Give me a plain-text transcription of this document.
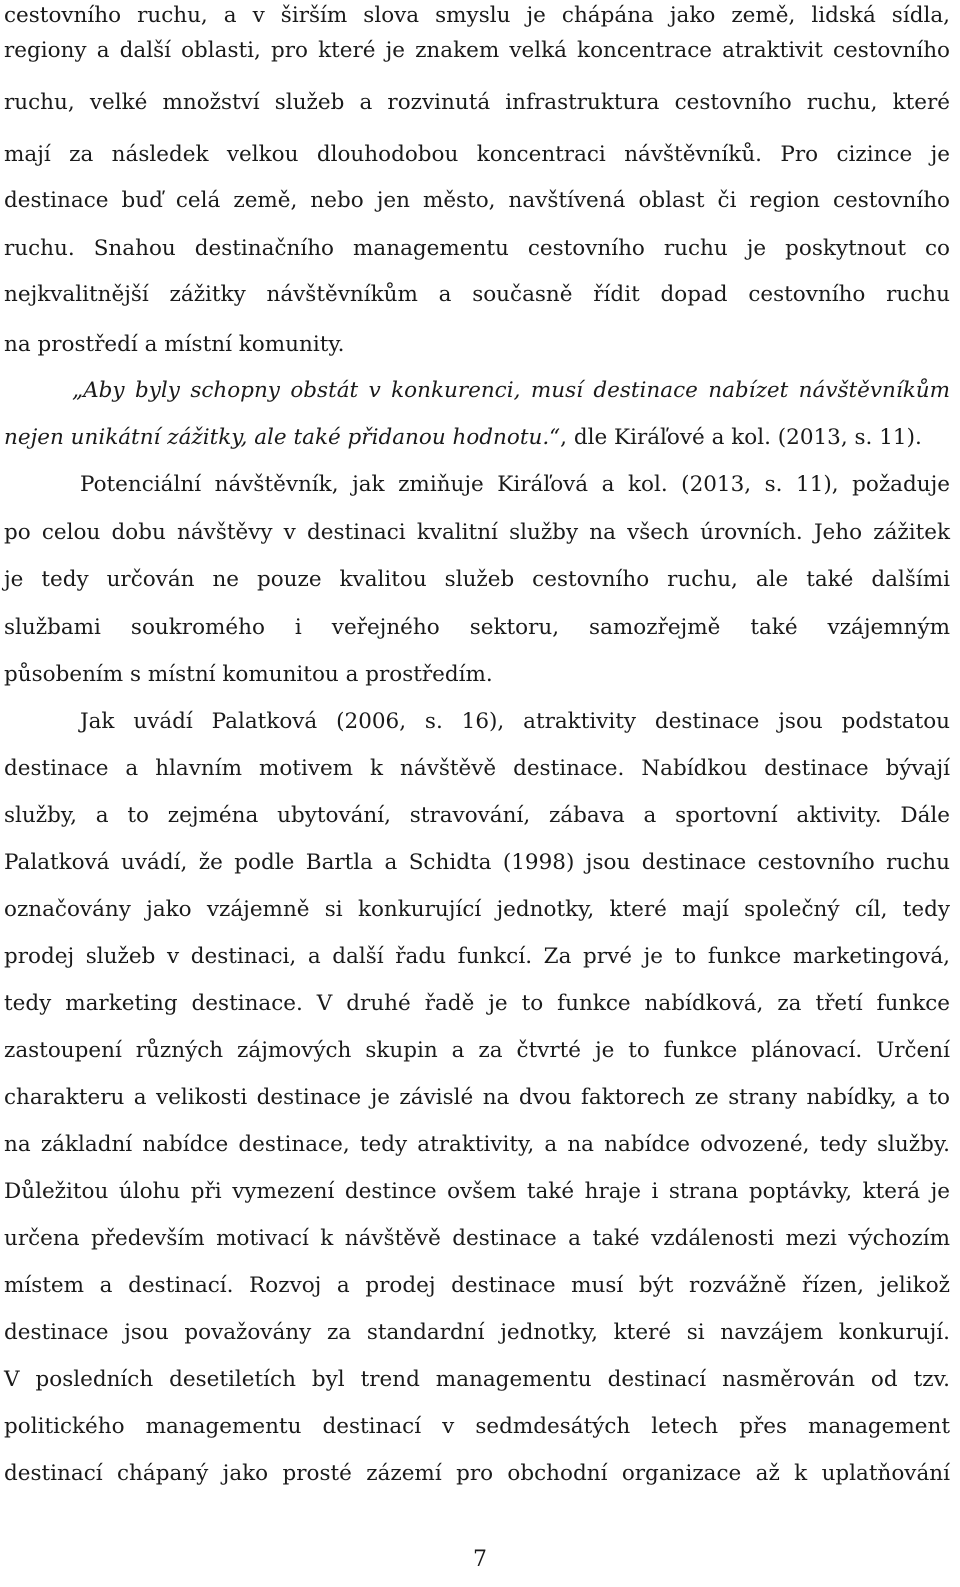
cestovního ruchu, a v širším slova smyslu je chápána jako země, lidská sídla,
regiony a další oblasti, pro které je znakem velká koncentrace atraktivit cestovního
ruchu, velké množství služeb a rozvinutá infrastruktura cestovního ruchu, které
mají za následek velkou dlouhodobou koncentraci návštěvníků. Pro cizince je
destinace buď celá země, nebo jen město, navštívená oblast či region cestovního
ruchu. Snahou destinačního managementu cestovního ruchu je poskytnout co
nejkvalitnější zážitky návštěvníkům a současně řídit dopad cestovního ruchu
na prostředí a místní komunity.
„Aby byly schopny obstát v konkurenci, musí destinace nabízet návštěvníkům
nejen unikátní zážitky, ale také přidanou hodnotu.“, dle Kiráľové a kol. (2013, s. 11).
Potenciální návštěvník, jak zmiňuje Kiráľová a kol. (2013, s. 11), požaduje
po celou dobu návštěvy v destinaci kvalitní služby na všech úrovních. Jeho zážitek
je tedy určován ne pouze kvalitou služeb cestovního ruchu, ale také dalšími
službami soukromého i veřejného sektoru, samozřejmě také vzájemným
působením s místní komunitou a prostředím.
Jak uvádí Palatková (2006, s. 16), atraktivity destinace jsou podstatou
destinace a hlavním motivem k návštěvě destinace. Nabídkou destinace bývají
služby, a to zejména ubytování, stravování, zábava a sportovní aktivity. Dále
Palatková uvádí, že podle Bartla a Schidta (1998) jsou destinace cestovního ruchu
označovány jako vzájemně si konkurující jednotky, které mají společný cíl, tedy
prodej služeb v destinaci, a další řadu funkcí. Za prvé je to funkce marketingová,
tedy marketing destinace. V druhé řadě je to funkce nabídková, za třetí funkce
zastoupení různých zájmových skupin a za čtvrté je to funkce plánovací. Určení
charakteru a velikosti destinace je závislé na dvou faktorech ze strany nabídky, a to
na základní nabídce destinace, tedy atraktivity, a na nabídce odvozené, tedy služby.
Důležitou úlohu při vymezení destince ovšem také hraje i strana poptávky, která je
určena především motivací k návštěvě destinace a také vzdálenosti mezi výchozím
místem a destinací. Rozvoj a prodej destinace musí být rozvážně řízen, jelikož
destinace jsou považovány za standardní jednotky, které si navzájem konkurují.
V posledních desetiletích byl trend managementu destinací nasměrován od tzv.
politického managementu destinací v sedmdesátých letech přes management
destinací chápaný jako prosté zázemí pro obchodní organizace až k uplatňování
7
